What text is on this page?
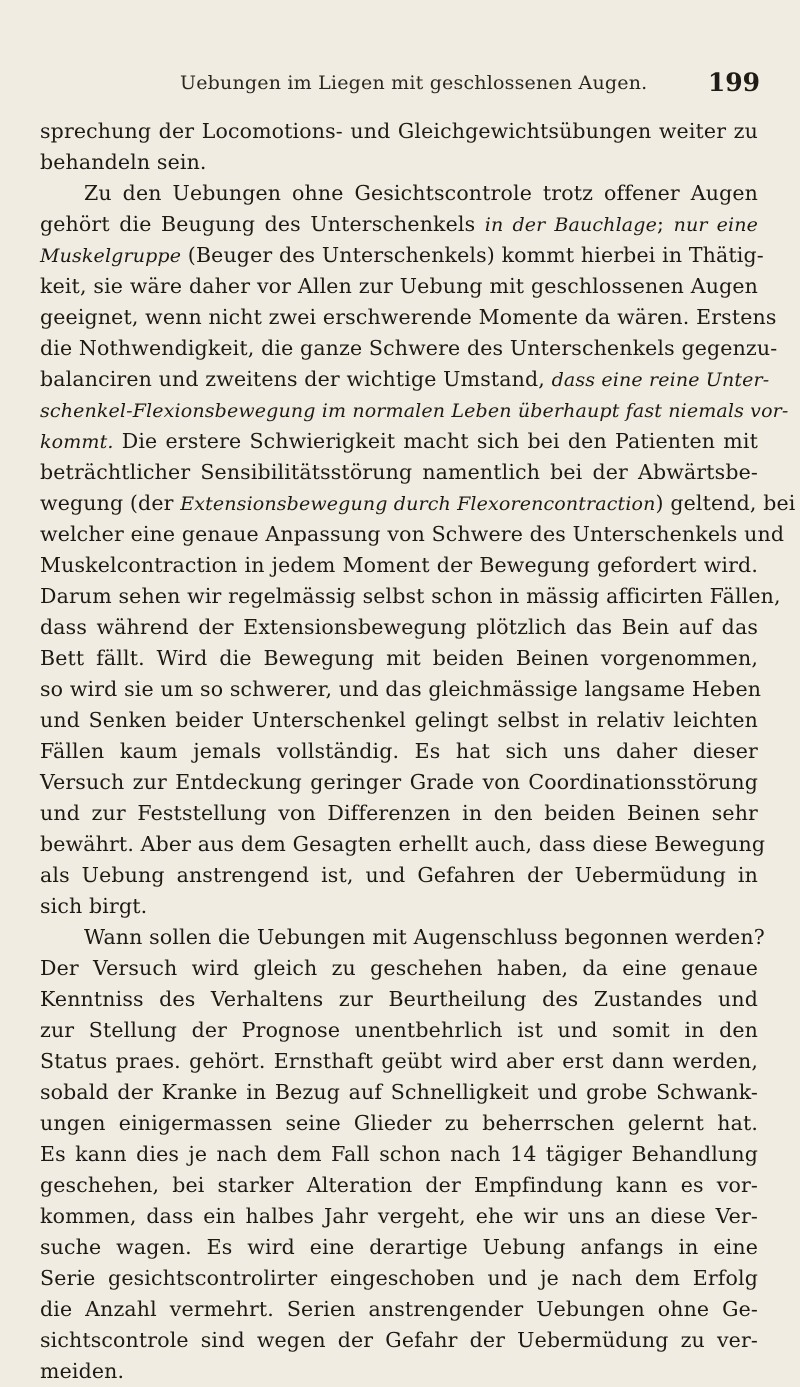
Uebungen im Liegen mit geschlossenen Augen. 199
sprechung der Locomotions- und Gleichgewichtsübungen weiter zu
behandeln sein.
Zu den Uebungen ohne Gesichtscontrole trotz offener Augen
gehört die Beugung des Unterschenkels in der Bauchlage; nur eine
Muskelgruppe (Beuger des Unterschenkels) kommt hierbei in Thätig-
keit, sie wäre daher vor Allen zur Uebung mit geschlossenen Augen
geeignet, wenn nicht zwei erschwerende Momente da wären. Erstens
die Nothwendigkeit, die ganze Schwere des Unterschenkels gegenzu-
balanciren und zweitens der wichtige Umstand, dass eine reine Unter-
schenkel-Flexionsbewegung im normalen Leben überhaupt fast niemals vor-
kommt. Die erstere Schwierigkeit macht sich bei den Patienten mit
beträchtlicher Sensibilitätsstörung namentlich bei der Abwärtsbe-
wegung (der Extensionsbewegung durch Flexorencontraction) geltend, bei
welcher eine genaue Anpassung von Schwere des Unterschenkels und
Muskelcontraction in jedem Moment der Bewegung gefordert wird.
Darum sehen wir regelmässig selbst schon in mässig afficirten Fällen,
dass während der Extensionsbewegung plötzlich das Bein auf das
Bett fällt. Wird die Bewegung mit beiden Beinen vorgenommen,
so wird sie um so schwerer, und das gleichmässige langsame Heben
und Senken beider Unterschenkel gelingt selbst in relativ leichten
Fällen kaum jemals vollständig. Es hat sich uns daher dieser
Versuch zur Entdeckung geringer Grade von Coordinationsstörung
und zur Feststellung von Differenzen in den beiden Beinen sehr
bewährt. Aber aus dem Gesagten erhellt auch, dass diese Bewegung
als Uebung anstrengend ist, und Gefahren der Uebermüdung in
sich birgt.
Wann sollen die Uebungen mit Augenschluss begonnen werden?
Der Versuch wird gleich zu geschehen haben, da eine genaue
Kenntniss des Verhaltens zur Beurtheilung des Zustandes und
zur Stellung der Prognose unentbehrlich ist und somit in den
Status praes. gehört. Ernsthaft geübt wird aber erst dann werden,
sobald der Kranke in Bezug auf Schnelligkeit und grobe Schwank-
ungen einigermassen seine Glieder zu beherrschen gelernt hat.
Es kann dies je nach dem Fall schon nach 14 tägiger Behandlung
geschehen, bei starker Alteration der Empfindung kann es vor-
kommen, dass ein halbes Jahr vergeht, ehe wir uns an diese Ver-
suche wagen. Es wird eine derartige Uebung anfangs in eine
Serie gesichtscontrolirter eingeschoben und je nach dem Erfolg
die Anzahl vermehrt. Serien anstrengender Uebungen ohne Ge-
sichtscontrole sind wegen der Gefahr der Uebermüdung zu ver-
meiden.
